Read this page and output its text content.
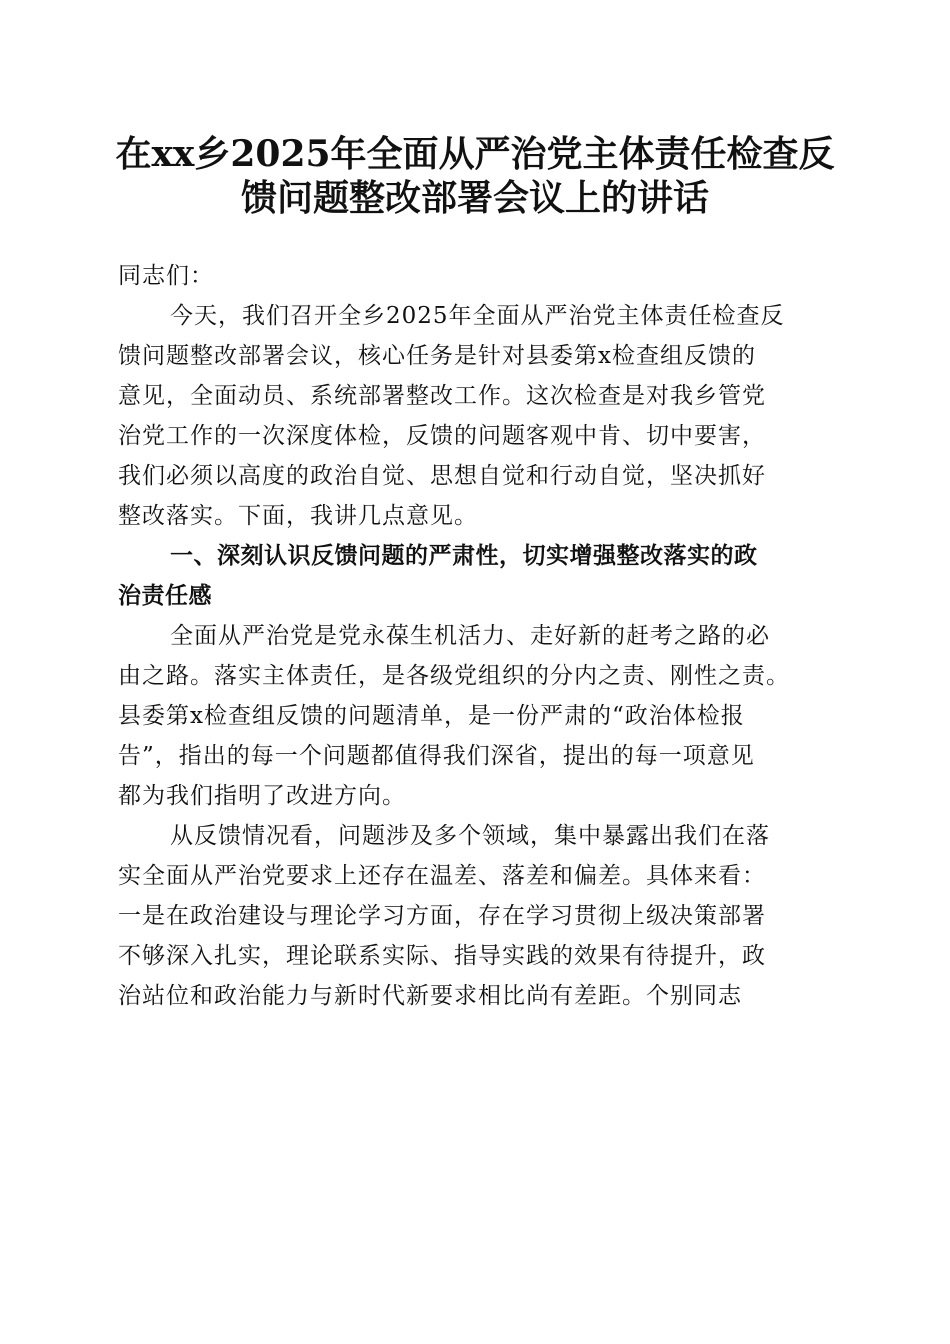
在xx乡2025年全面从严治党主体责任检查反
馈问题整改部署会议上的讲话
同志们：
今天，我们召开全乡2025年全面从严治党主体责任检查反
馈问题整改部署会议，核心任务是针对县委第x检查组反馈的
意见，全面动员、系统部署整改工作。这次检查是对我乡管党
治党工作的一次深度体检，反馈的问题客观中肯、切中要害，
我们必须以高度的政治自觉、思想自觉和行动自觉，坚决抓好
整改落实。下面，我讲几点意见。
一、深刻认识反馈问题的严肃性，切实增强整改落实的政
治责任感
全面从严治党是党永葆生机活力、走好新的赶考之路的必
由之路。落实主体责任，是各级党组织的分内之责、刚性之责。
县委第x检查组反馈的问题清单，是一份严肃的“政治体检报
告”，指出的每一个问题都值得我们深省，提出的每一项意见
都为我们指明了改进方向。
从反馈情况看，问题涉及多个领域，集中暴露出我们在落
实全面从严治党要求上还存在温差、落差和偏差。具体来看：
一是在政治建设与理论学习方面，存在学习贯彻上级决策部署
不够深入扎实，理论联系实际、指导实践的效果有待提升，政
治站位和政治能力与新时代新要求相比尚有差距。个别同志
